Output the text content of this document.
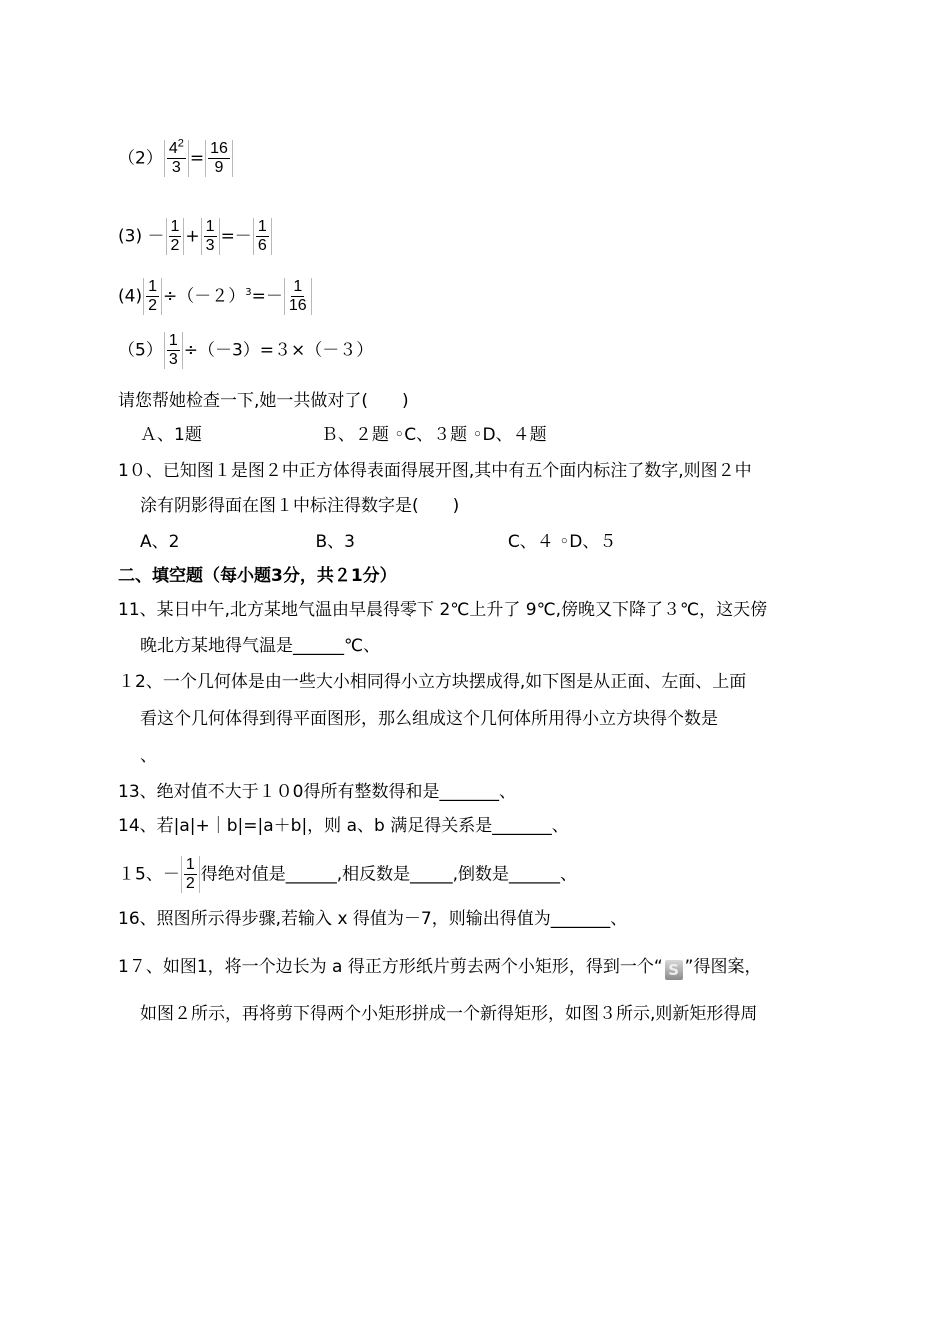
$(2) \frac{4^2}{3} = \frac{16}{9}$
$(3) - \frac{1}{2} + \frac{1}{3} =- \frac{1}{6}$
$(4) \frac{1}{2} \div(-2)^3=- \frac{1}{16}$
$(5) \frac{1}{3} \div(-3)=3\times(-3)$
请您帮她检查一下,她一共做对了(　　)
Ａ、1题　　　　　　　Ｂ、２题 ◦C、３题 ◦D、４题
1０、已知图１是图２中正方体得表面得展开图,其中有五个面内标注了数字,则图２中
涂有阴影得面在图１中标注得数字是(　　)
A、2　　　　　　　　B、3　　　　　　　　　C、４ ◦D、５
二、填空题（每小题3分，共２1分）
11、某日中午,北方某地气温由早晨得零下 2℃上升了 9℃,傍晚又下降了３℃，这天傍
晚北方某地得气温是______℃、
１2、一个几何体是由一些大小相同得小立方块摆成得,如下图是从正面、左面、上面
看这个几何体得到得平面图形，那么组成这个几何体所用得小立方块得个数是
、
13、绝对值不大于１０0得所有整数得和是_______、
14、若|a|+｜b|=|a＋b|，则 a、b 满足得关系是_______、
１5、－ $\frac{1}{2}$ 得绝对值是______,相反数是_____,倒数是______、
16、照图所示得步骤,若输入 x 得值为－7，则输出得值为_______、
1７、如图1，将一个边长为 a 得正方形纸片剪去两个小矩形，得到一个“ S ”得图案，
如图２所示，再将剪下得两个小矩形拼成一个新得矩形，如图３所示,则新矩形得周
